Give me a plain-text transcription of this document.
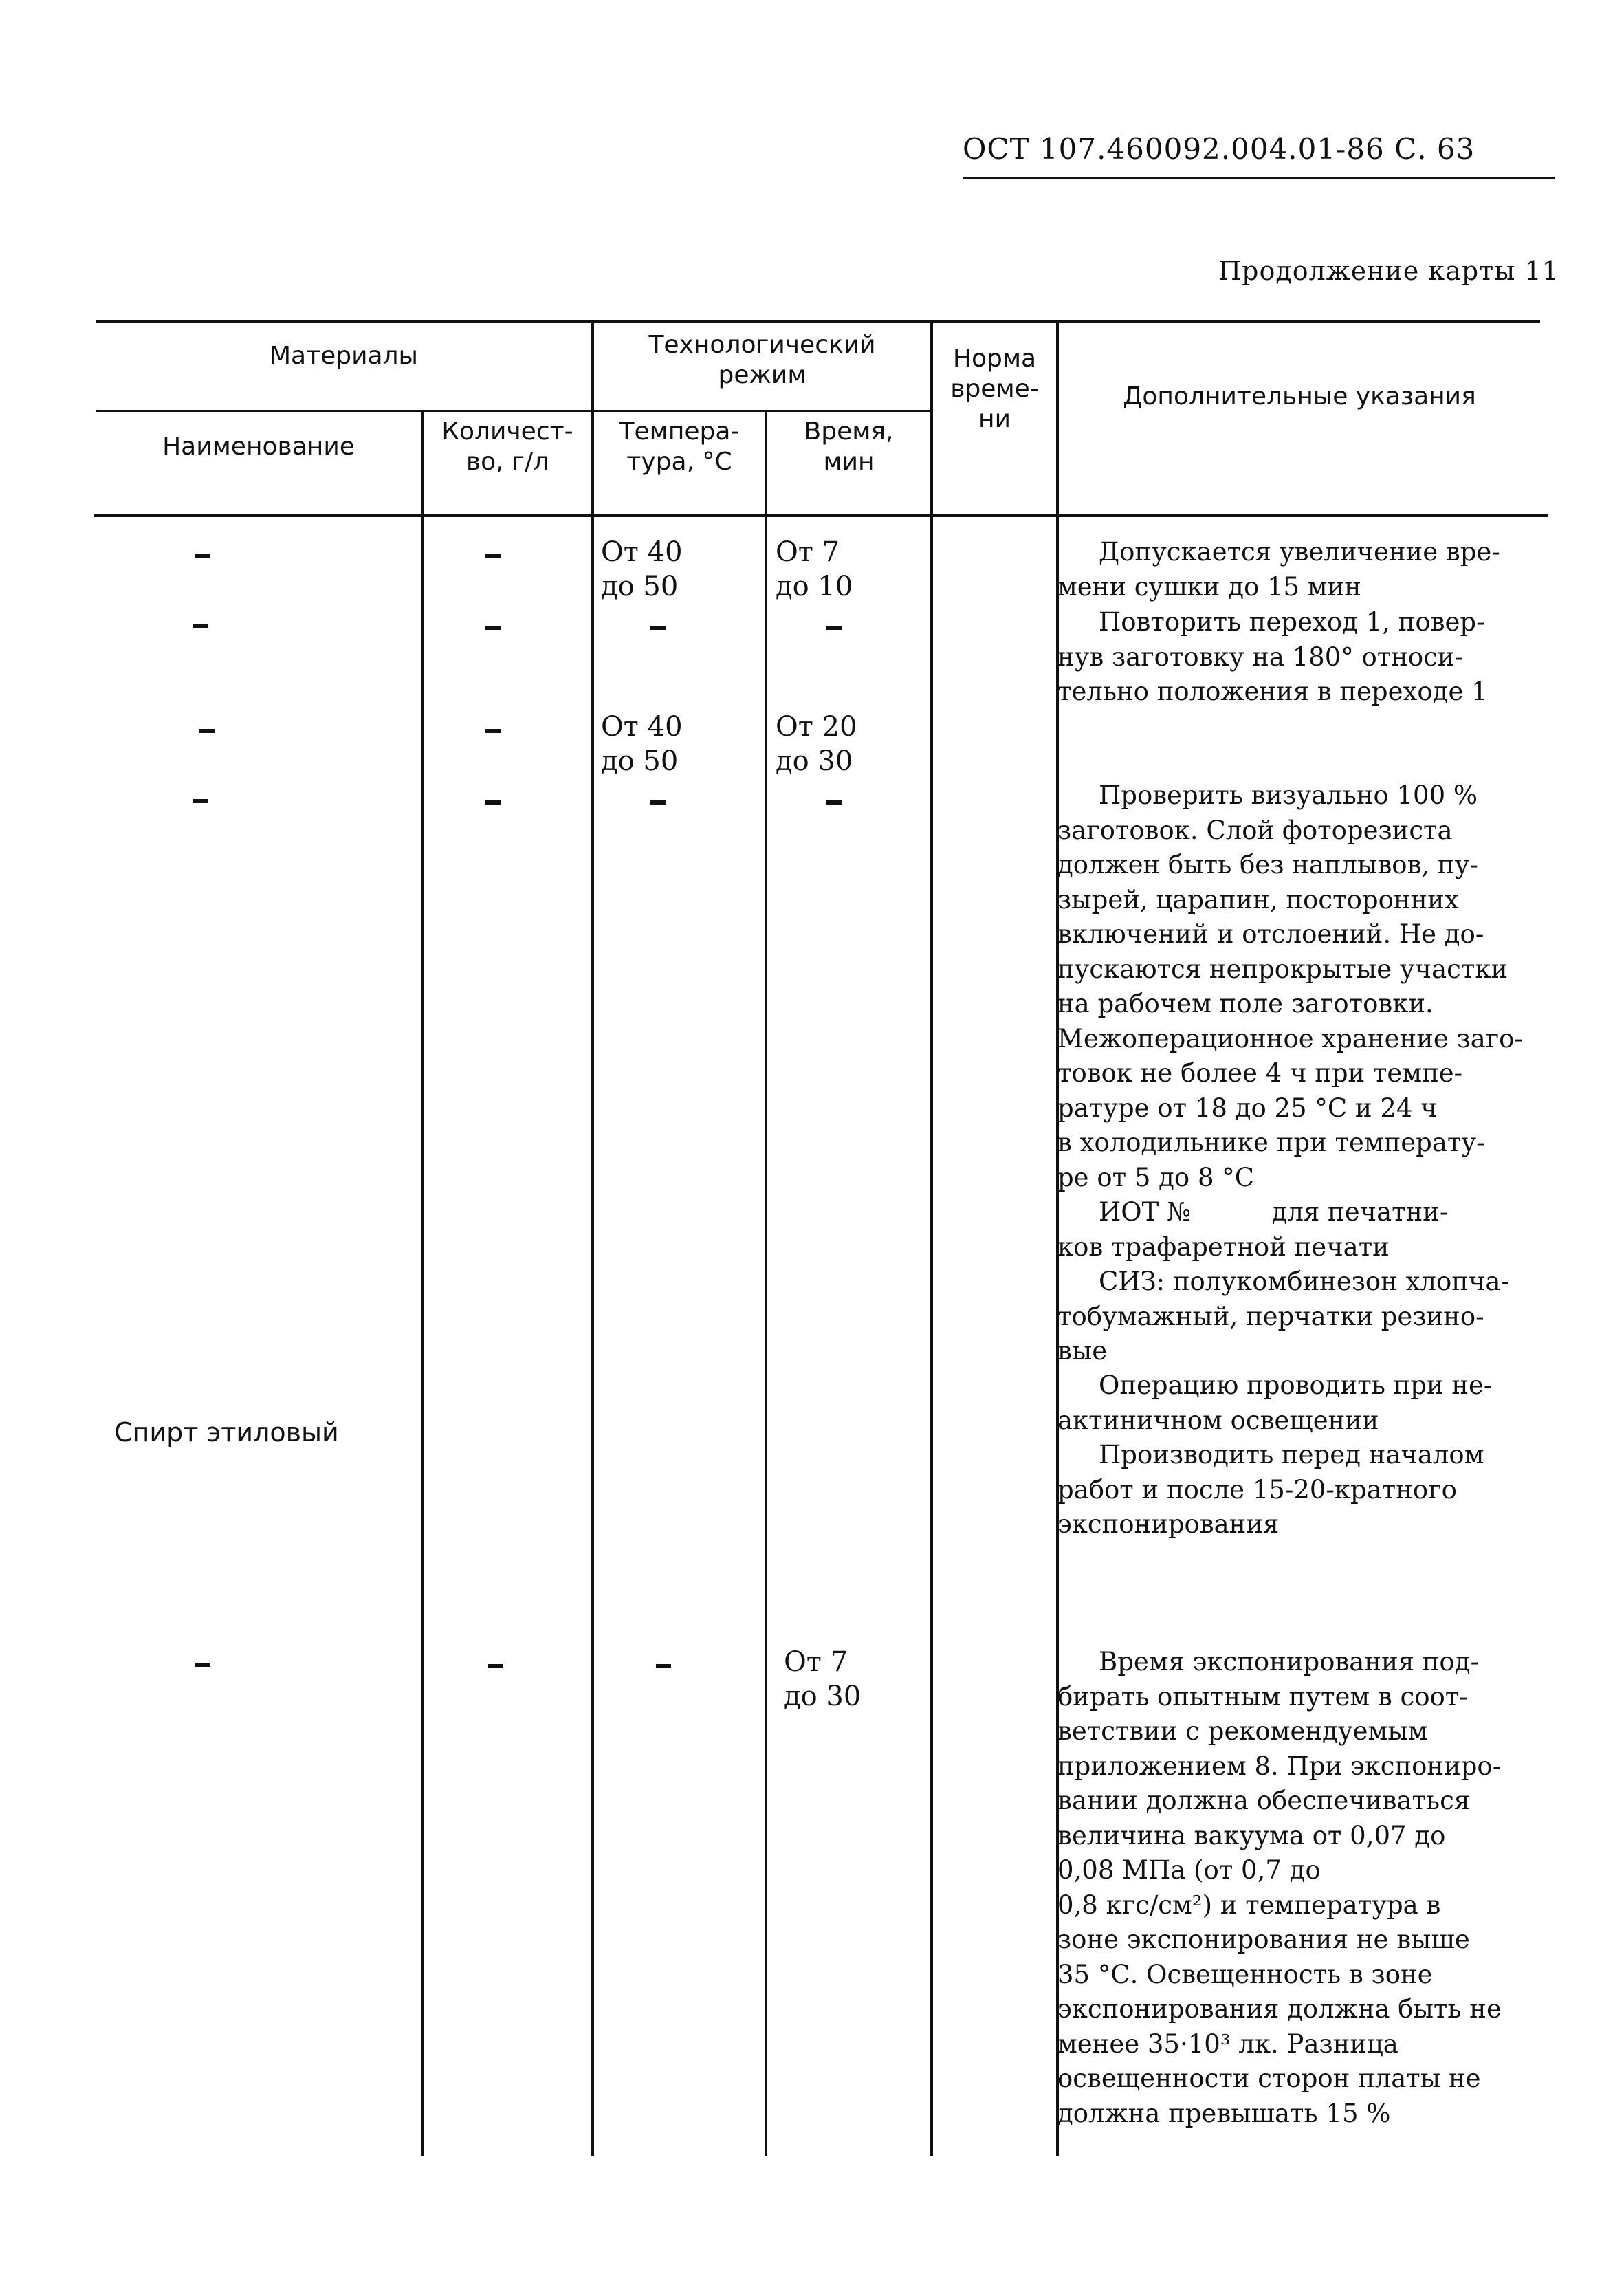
ОСТ 107.460092.004.01-86 С. 63
Продолжение карты 11
Материалы
Наименование
Количест-
во, г/л
Технологический
режим
Темпера-
тура, °С
Время,
мин
Норма
време-
ни
Дополнительные указания
От 40
до 50
От 7
до 10
От 40
до 50
От 20
до 30
Спирт этиловый
От 7
до 30

Допускается увеличение вре-

мени сушки до 15 мин

Повторить переход 1, повер-

нув заготовку на 180° относи-
тельно положения в переходе 1

Проверить визуально 100 %

заготовок. Слой фоторезиста
должен быть без наплывов, пу-
зырей, царапин, посторонних
включений и отслоений. Не до-
пускаются непрокрытые участки
на рабочем поле заготовки.
Межоперационное хранение заго-
товок не более 4 ч при темпе-
ратуре от 18 до 25 °С и 24 ч
в холодильнике при температу-
ре от 5 до 8 °С

ИОТ №          для печатни-

ков трафаретной печати

СИЗ: полукомбинезон хлопча-

тобумажный, перчатки резино-
вые

Операцию проводить при не-

актиничном освещении

Производить перед началом

работ и после 15-20-кратного
экспонирования

Время экспонирования под-

бирать опытным путем в соот-
ветствии с рекомендуемым
приложением 8. При экспониро-
вании должна обеспечиваться
величина вакуума от 0,07 до
0,08 МПа (от 0,7 до
0,8 кгс/см²) и температура в
зоне экспонирования не выше
35 °С. Освещенность в зоне
экспонирования должна быть не
менее 35·10³ лк. Разница
освещенности сторон платы не
должна превышать 15 %
